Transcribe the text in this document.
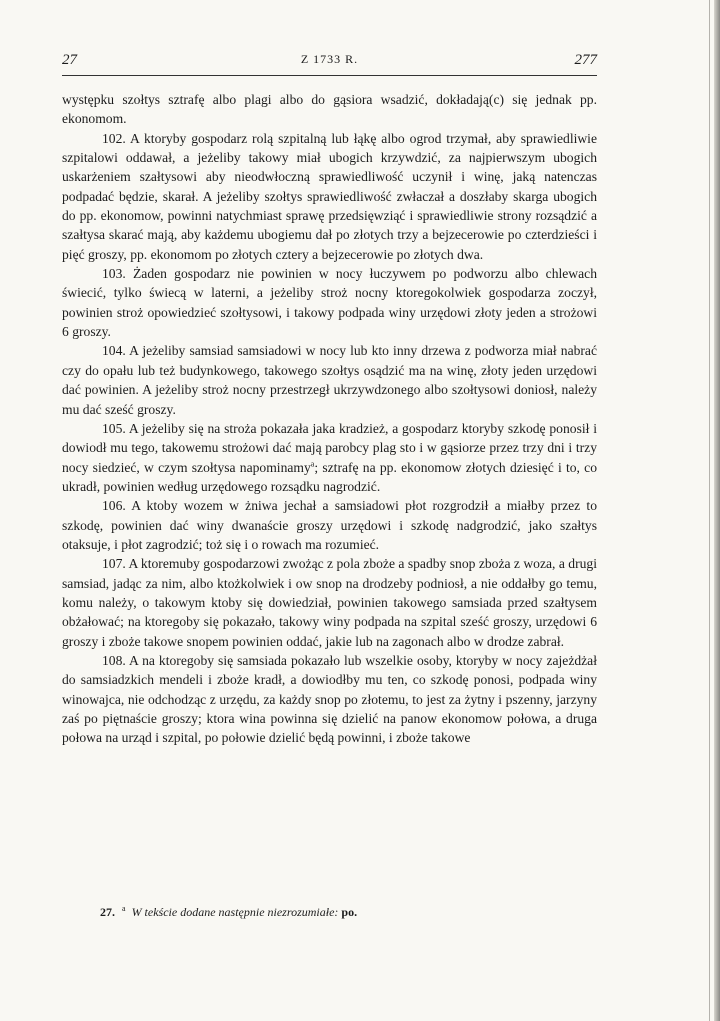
27	Z 1733 R.	277

występku szołtys sztrafę albo plagi albo do gąsiora wsadzić, dokładają(c) się jednak pp. ekonomom.

102. A ktoryby gospodarz rolą szpitalną lub łąkę albo ogrod trzymał, aby sprawiedliwie szpitalowi oddawał, a jeżeliby takowy miał ubogich krzywdzić, za najpierwszym ubogich uskarżeniem szałtysowi aby nieodwłoczną sprawiedliwość uczynił i winę, jaką natenczas podpadać będzie, skarał. A jeżeliby szołtys sprawiedliwość zwłaczał a doszłaby skarga ubogich do pp. ekonomow, powinni natychmiast sprawę przedsięwziąć i sprawiedliwie strony rozsądzić a szałtysa skarać mają, aby każdemu ubogiemu dał po złotych trzy a bejzecerowie po czterdzieści i pięć groszy, pp. ekonomom po złotych cztery a bejzecerowie po złotych dwa.

103. Żaden gospodarz nie powinien w nocy łuczywem po podworzu albo chlewach świecić, tylko świecą w laterni, a jeżeliby stroż nocny ktoregokolwiek gospodarza zoczył, powinien stroż opowiedzieć szołtysowi, i takowy podpada winy urzędowi złoty jeden a strożowi 6 groszy.

104. A jeżeliby samsiad samsiadowi w nocy lub kto inny drzewa z podworza miał nabrać czy do opału lub też budynkowego, takowego szołtys osądzić ma na winę, złoty jeden urzędowi dać powinien. A jeżeliby stroż nocny przestrzegł ukrzywdzonego albo szołtysowi doniosł, należy mu dać sześć groszy.

105. A jeżeliby się na stroża pokazała jaka kradzież, a gospodarz ktoryby szkodę ponosił i dowiodł mu tego, takowemu strożowi dać mają parobcy plag sto i w gąsiorze przez trzy dni i trzy nocy siedzieć, w czym szołtysa napominamy$^a$; sztrafę na pp. ekonomow złotych dziesięć i to, co ukradł, powinien według urzędowego rozsądku nagrodzić.

106. A ktoby wozem w żniwa jechał a samsiadowi płot rozgrodził a miałby przez to szkodę, powinien dać winy dwanaście groszy urzędowi i szkodę nadgrodzić, jako szałtys otaksuje, i płot zagrodzić; toż się i o rowach ma rozumieć.

107. A ktoremuby gospodarzowi zwożąc z pola zboże a spadby snop zboża z woza, a drugi samsiad, jadąc za nim, albo ktożkolwiek i ow snop na drodzeby podniosł, a nie oddałby go temu, komu należy, o takowym ktoby się dowiedział, powinien takowego samsiada przed szałtysem obżałować; na ktoregoby się pokazało, takowy winy podpada na szpital sześć groszy, urzędowi 6 groszy i zboże takowe snopem powinien oddać, jakie lub na zagonach albo w drodze zabrał.

108. A na ktoregoby się samsiada pokazało lub wszelkie osoby, ktoryby w nocy zajeżdżał do samsiadzkich mendeli i zboże kradł, a dowiodłby mu ten, co szkodę ponosi, podpada winy winowajca, nie odchodząc z urzędu, za każdy snop po złotemu, to jest za żytny i pszenny, jarzyny zaś po piętnaście groszy; ktora wina powinna się dzielić na panow ekonomow połowa, a druga połowa na urząd i szpital, po połowie dzielić będą powinni, i zboże takowe

27. $^a$ W tekście dodane następnie niezrozumiałe: po.
